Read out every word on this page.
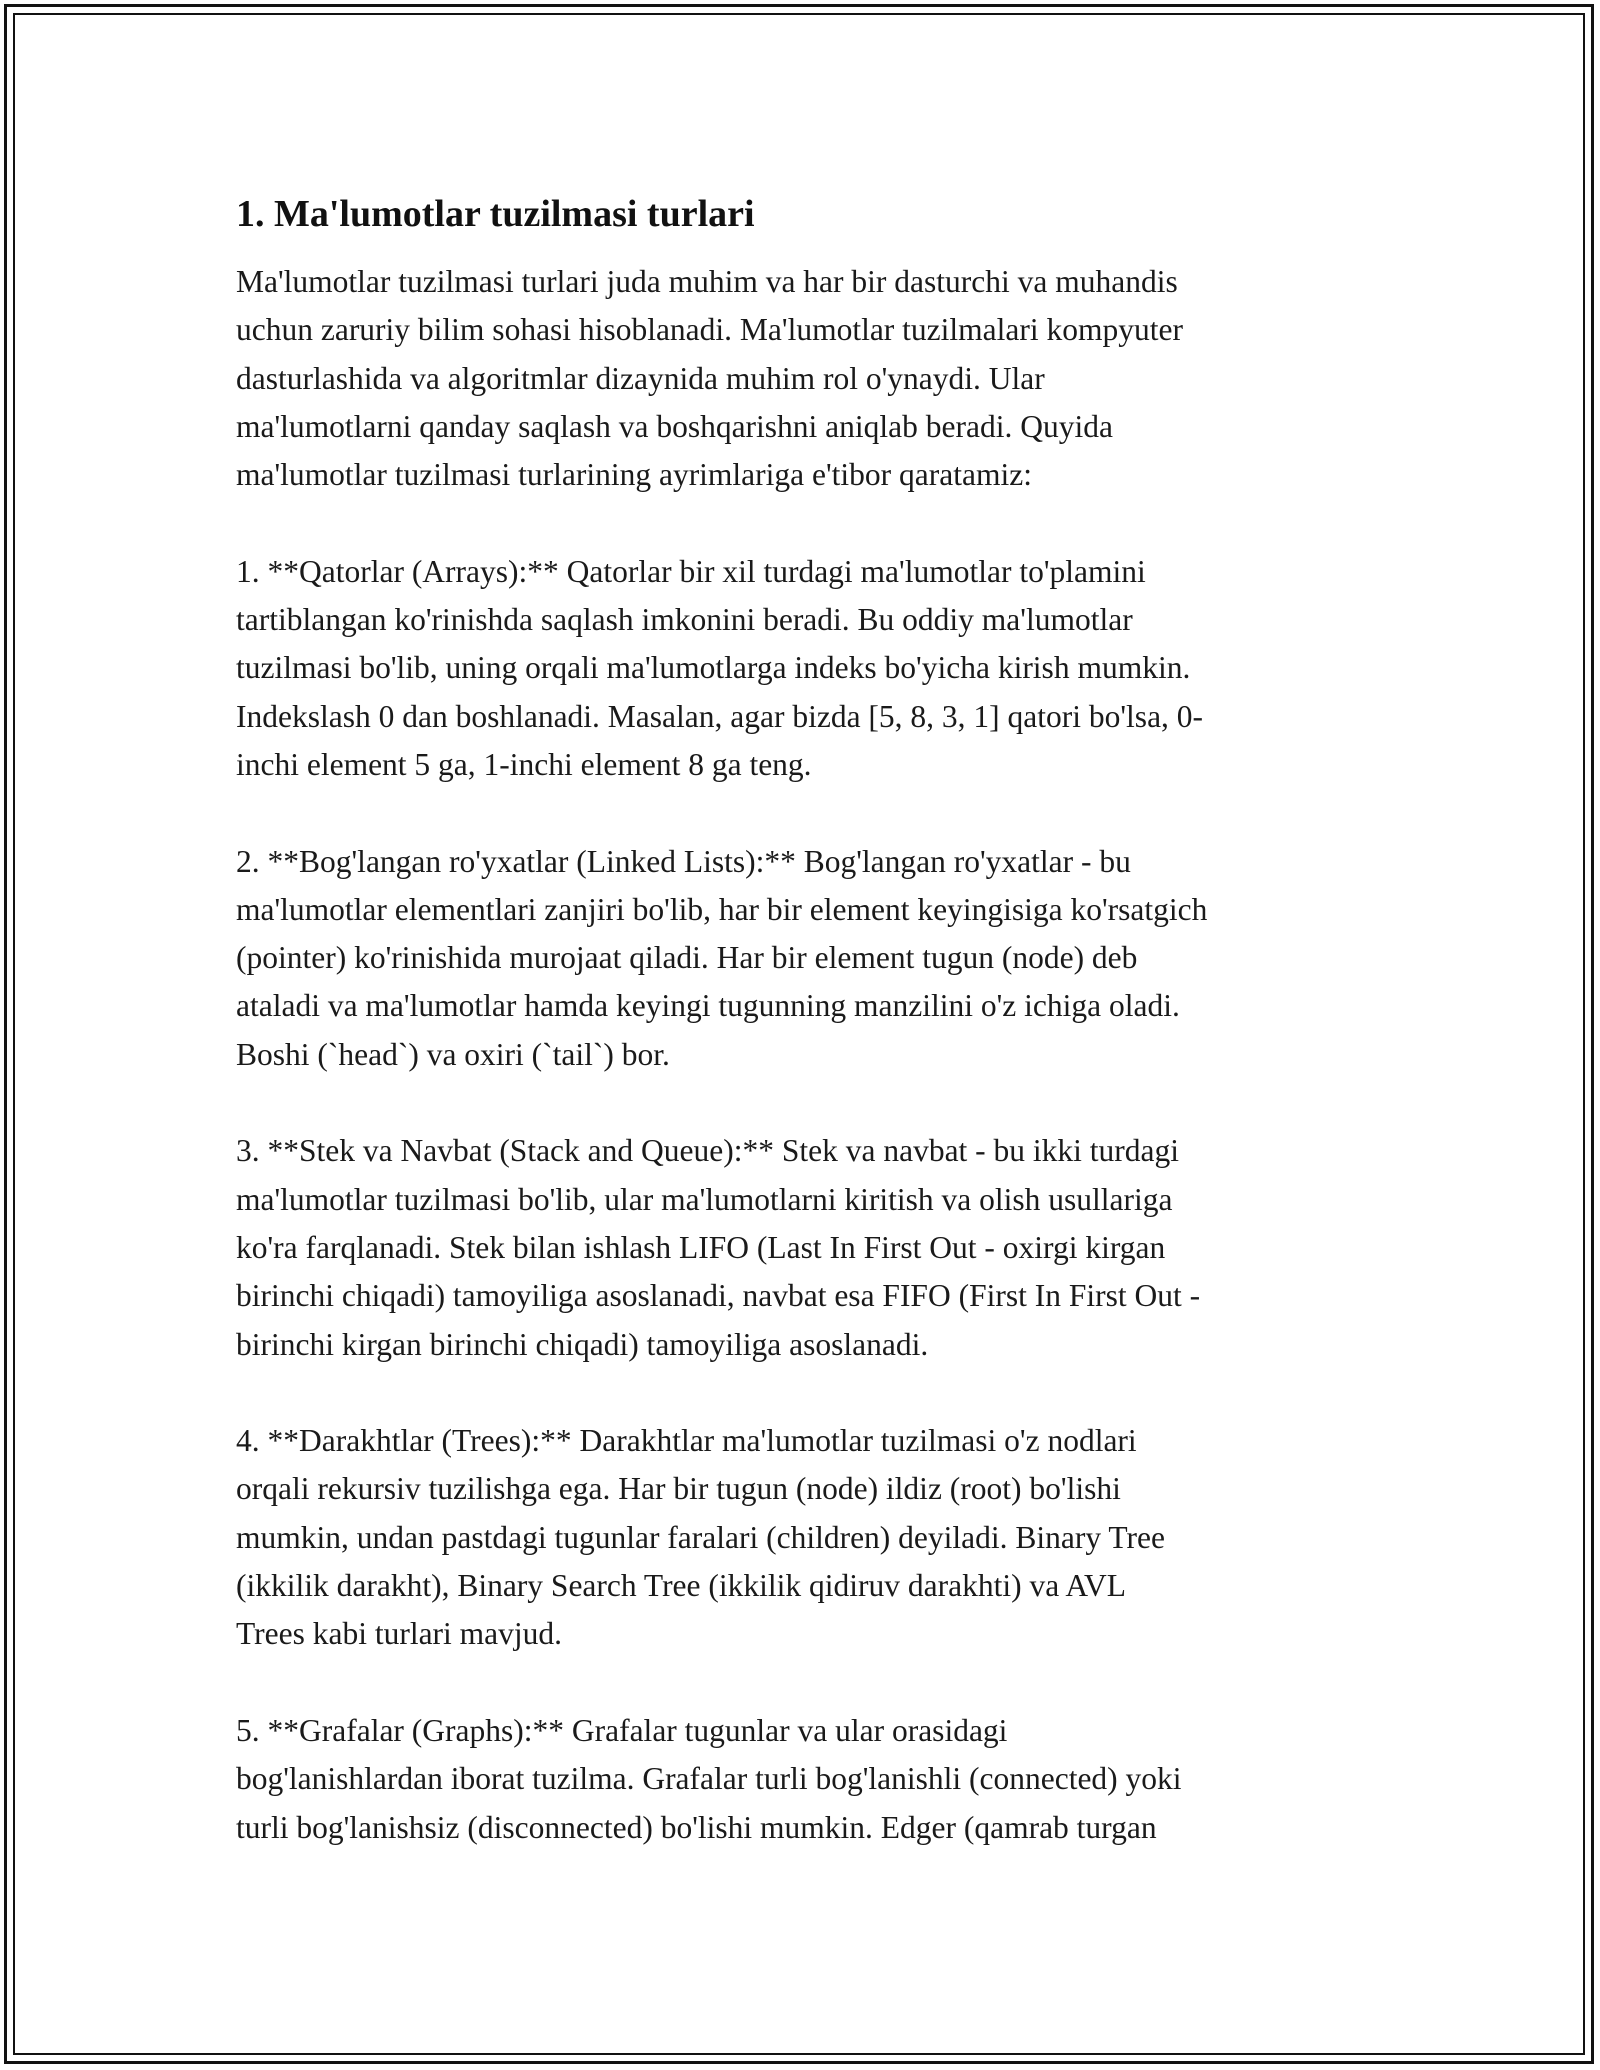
1. Ma'lumotlar tuzilmasi turlari
Ma'lumotlar tuzilmasi turlari juda muhim va har bir dasturchi va muhandis
uchun zaruriy bilim sohasi hisoblanadi. Ma'lumotlar tuzilmalari kompyuter
dasturlashida va algoritmlar dizaynida muhim rol o'ynaydi. Ular
ma'lumotlarni qanday saqlash va boshqarishni aniqlab beradi. Quyida
ma'lumotlar tuzilmasi turlarining ayrimlariga e'tibor qaratamiz:
1. **Qatorlar (Arrays):** Qatorlar bir xil turdagi ma'lumotlar to'plamini
tartiblangan ko'rinishda saqlash imkonini beradi. Bu oddiy ma'lumotlar
tuzilmasi bo'lib, uning orqali ma'lumotlarga indeks bo'yicha kirish mumkin.
Indekslash 0 dan boshlanadi. Masalan, agar bizda [5, 8, 3, 1] qatori bo'lsa, 0-
inchi element 5 ga, 1-inchi element 8 ga teng.
2. **Bog'langan ro'yxatlar (Linked Lists):** Bog'langan ro'yxatlar - bu
ma'lumotlar elementlari zanjiri bo'lib, har bir element keyingisiga ko'rsatgich
(pointer) ko'rinishida murojaat qiladi. Har bir element tugun (node) deb
ataladi va ma'lumotlar hamda keyingi tugunning manzilini o'z ichiga oladi.
Boshi (`head`) va oxiri (`tail`) bor.
3. **Stek va Navbat (Stack and Queue):** Stek va navbat - bu ikki turdagi
ma'lumotlar tuzilmasi bo'lib, ular ma'lumotlarni kiritish va olish usullariga
ko'ra farqlanadi. Stek bilan ishlash LIFO (Last In First Out - oxirgi kirgan
birinchi chiqadi) tamoyiliga asoslanadi, navbat esa FIFO (First In First Out -
birinchi kirgan birinchi chiqadi) tamoyiliga asoslanadi.
4. **Darakhtlar (Trees):** Darakhtlar ma'lumotlar tuzilmasi o'z nodlari
orqali rekursiv tuzilishga ega. Har bir tugun (node) ildiz (root) bo'lishi
mumkin, undan pastdagi tugunlar faralari (children) deyiladi. Binary Tree
(ikkilik darakht), Binary Search Tree (ikkilik qidiruv darakhti) va AVL
Trees kabi turlari mavjud.
5. **Grafalar (Graphs):** Grafalar tugunlar va ular orasidagi
bog'lanishlardan iborat tuzilma. Grafalar turli bog'lanishli (connected) yoki
turli bog'lanishsiz (disconnected) bo'lishi mumkin. Edger (qamrab turgan
